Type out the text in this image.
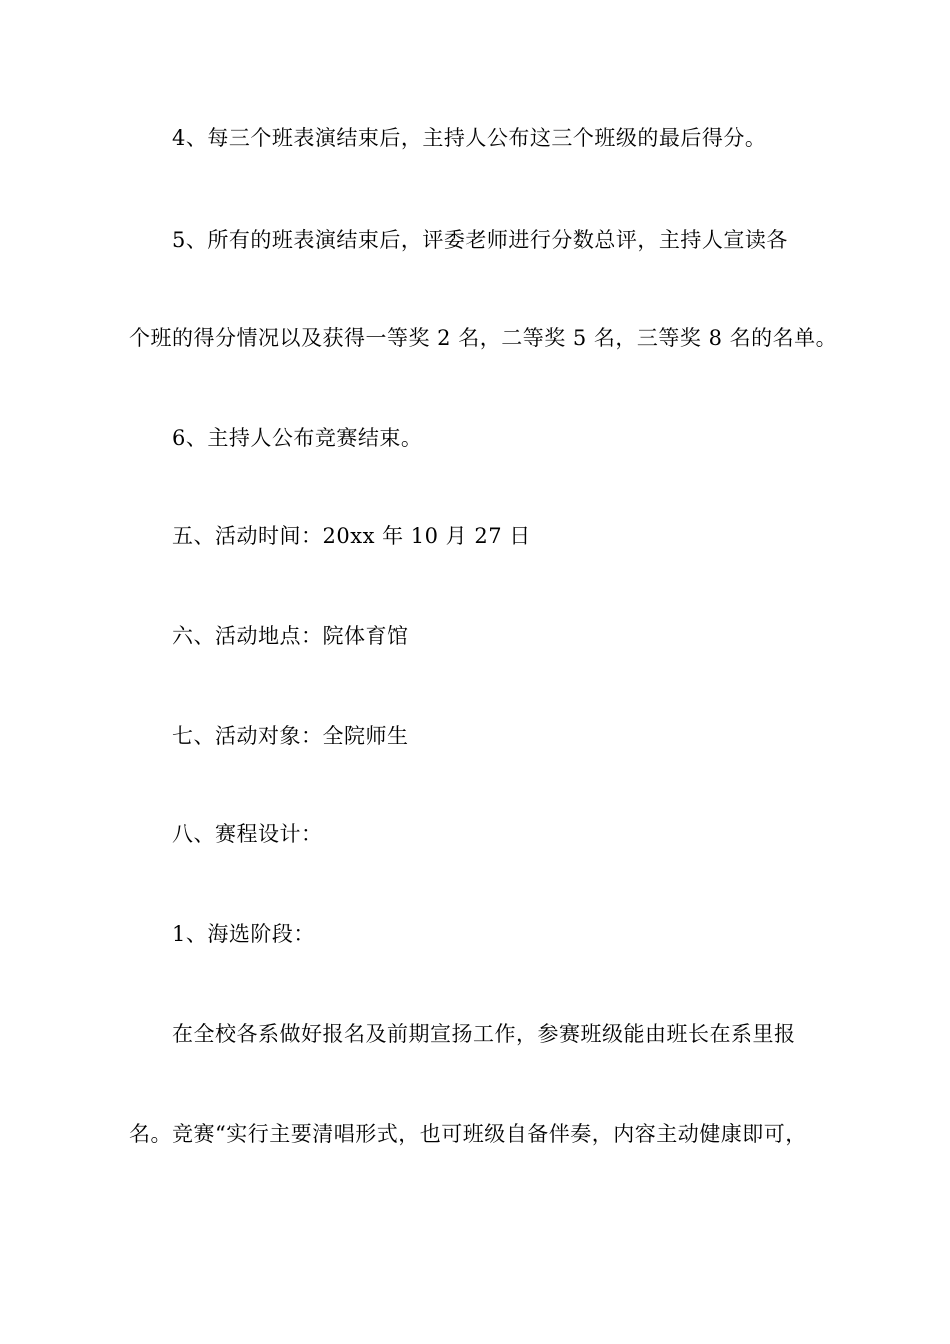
4、每三个班表演结束后，主持人公布这三个班级的最后得分。
5、所有的班表演结束后，评委老师进行分数总评，主持人宣读各
个班的得分情况以及获得一等奖 2 名，二等奖 5 名，三等奖 8 名的名单。
6、主持人公布竞赛结束。
五、活动时间：20xx 年 10 月 27 日
六、活动地点：院体育馆
七、活动对象：全院师生
八、赛程设计：
1、海选阶段：
在全校各系做好报名及前期宣扬工作，参赛班级能由班长在系里报
名。竞赛“实行主要清唱形式，也可班级自备伴奏，内容主动健康即可，
